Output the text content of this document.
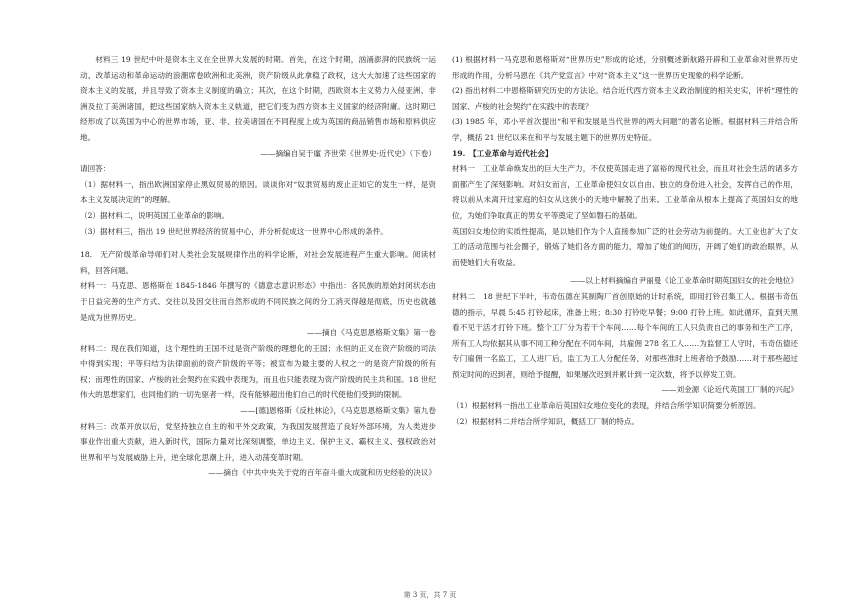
材料三 19 世纪中叶是资本主义在全世界大发展的时期。首先，在这个时期，汹涌澎湃的民族统一运动、改革运动和革命运动的浪潮席卷欧洲和北美洲，资产阶级从此拿稳了政权，这大大加速了这些国家的资本主义的发展，并且导致了资本主义制度的确立；其次，在这个时期，西欧资本主义势力入侵亚洲、非洲及拉丁美洲诸国，把这些国家纳入资本主义轨道，把它们变为西方资本主义国家的经济附庸。这时期已经形成了以英国为中心的世界市场，亚、非、拉美诸国在不同程度上成为英国的商品销售市场和原料供应地。

——摘编自吴于廑 齐世荣《世界史·近代史》（下卷）

请回答：

（1）据材料一，指出欧洲国家停止黑奴贸易的原因。谈谈你对“奴隶贸易的废止正如它的发生一样，是资本主义发展决定的”的理解。

（2）据材料二，说明英国工业革命的影响。

（3）据材料三，指出 19 世纪世界经济的贸易中心，并分析促成这一世界中心形成的条件。

18.　无产阶级革命导师们对人类社会发展规律作出的科学论断，对社会发展进程产生重大影响。阅读材料，回答问题。

材料一：马克思、恩格斯在 1845-1846 年撰写的《德意志意识形态》中指出：各民族的原始封闭状态由于日益完善的生产方式、交往以及因交往而自然形成的不同民族之间的分工消灭得越是彻底，历史也就越是成为世界历史。

——摘自《马克思恩格斯文集》第一卷

材料二：现在我们知道，这个理性的王国不过是资产阶级的理想化的王国；永恒的正义在资产阶级的司法中得到实现；平等归结为法律面前的资产阶级的平等；被宣布为最主要的人权之一的是资产阶级的所有权；而理性的国家、卢梭的社会契约在实践中表现为，而且也只能表现为资产阶级的民主共和国。18 世纪伟大的思想家们，也同他们的一切先驱者一样，没有能够超出他们自己的时代使他们受到的限制。

——[德]恩格斯《反杜林论》，《马克思恩格斯文集》第九卷

材料三：改革开放以后，党坚持独立自主的和平外交政策，为我国发展营造了良好外部环境，为人类进步事业作出重大贡献，进入新时代，国际力量对比深刻调整，单边主义、保护主义、霸权主义、强权政治对世界和平与发展威胁上升，逆全球化思潮上升，进入动荡变革时期。

——摘自《中共中央关于党的百年奋斗重大成就和历史经验的决议》

(1) 根据材料一马克思和恩格斯对“世界历史”形成的论述，分别概述新航路开辟和工业革命对世界历史形成的作用，分析马恩在《共产党宣言》中对“资本主义”这一世界历史现象的科学论断。

(2) 指出材料二中恩格斯研究历史的方法论。结合近代西方资本主义政治制度的相关史实，评析“理性的国家、卢梭的社会契约”在实践中的表现？

(3) 1985 年，邓小平首次提出“和平和发展是当代世界的两大问题”的著名论断。根据材料三并结合所学，概括 21 世纪以来在和平与发展主题下的世界历史特征。

19.　【工业革命与近代社会】

材料一　工业革命焕发出的巨大生产力，不仅使英国走进了富裕的现代社会，而且对社会生活的诸多方面都产生了深刻影响。对妇女而言，工业革命使妇女以自由、独立的身份进入社会，发挥自己的作用，将以前从未离开过家庭的妇女从这狭小的天地中解脱了出来。工业革命从根本上提高了英国妇女的地位，为她们争取真正的男女平等奠定了坚如磐石的基础。

英国妇女地位的实质性提高，是以她们作为个人直接参加广泛的社会劳动为前提的。大工业也扩大了女工的活动范围与社会圈子，锻炼了她们各方面的能力，增加了她们的阅历，开阔了她们的政治眼界，从而使她们大有收益。

——以上材料摘编自尹丽曼《论工业革命时期英国妇女的社会地位》

材料二　18 世纪下半叶，韦奇伍德在其制陶厂首创原始的计时系统，即用打铃召集工人。根据韦奇伍德的指示，早晨 5:45 打铃起床，准备上班；8:30 打铃吃早餐；9:00 打铃上班。如此循环，直到天黑看不见干活才打铃下班。整个工厂分为若干个车间……每个车间的工人只负责自己的事务和生产工序，所有工人均依据其从事不同工种分配在不同车间，共雇佣 278 名工人……为监督工人守时，韦奇伍德还专门雇佣一名监工，工人进厂后，监工为工人分配任务，对那些准时上班者给予鼓励……对于那些超过预定时间的迟到者，则给予提醒，如果屡次迟到并累计到一定次数，将予以停发工资。

——刘金源《论近代英国工厂制的兴起》

（1）根据材料一指出工业革命后英国妇女地位变化的表现，并结合所学知识简要分析原因。

（2）根据材料二并结合所学知识，概括工厂制的特点。

第 3 页，共 7 页
